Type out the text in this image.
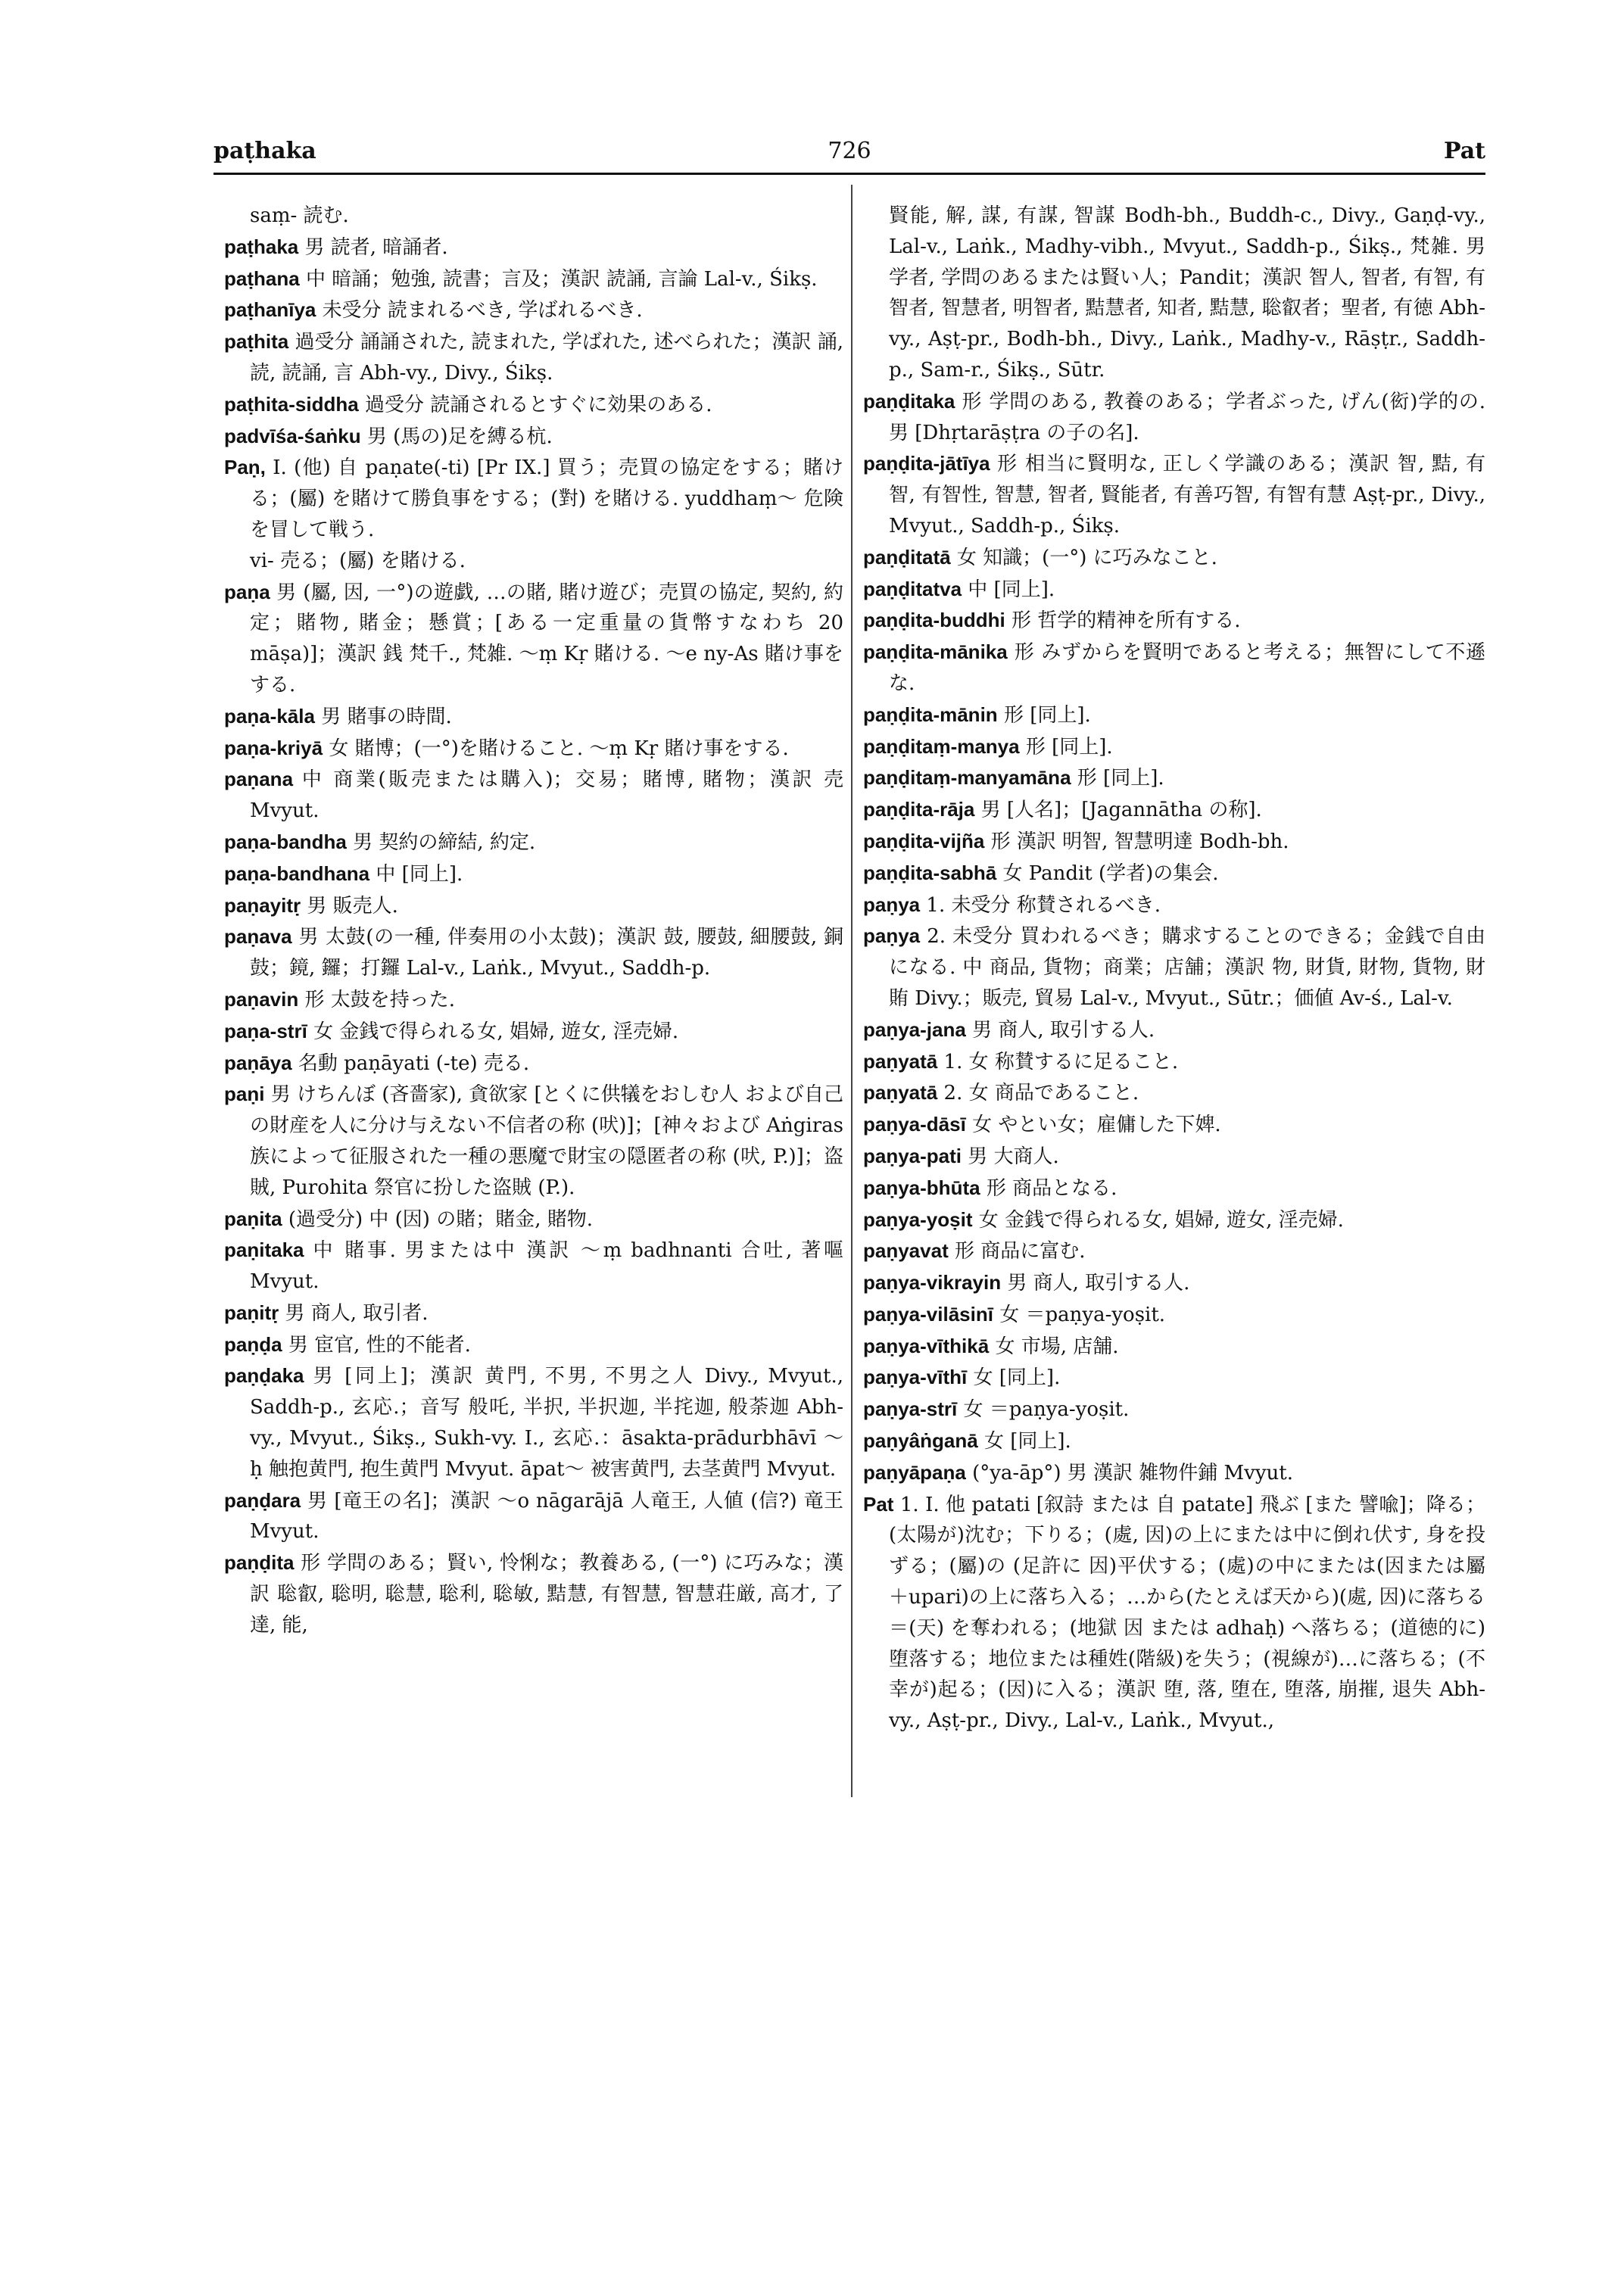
paṭhaka	726	Pat

saṃ- 読む.

paṭhaka 男 読者, 暗誦者.

paṭhana 中 暗誦；勉強, 読書；言及；漢訳 読誦, 言論 Lal-v., Śikṣ.

paṭhanīya 未受分 読まれるべき, 学ばれるべき.

paṭhita 過受分 誦誦された, 読まれた, 学ばれた, 述べられた；漢訳 誦, 読, 読誦, 言 Abh-vy., Divy., Śikṣ.

paṭhita-siddha 過受分 読誦されるとすぐに効果のある.

padvīśa-śaṅku 男 (馬の)足を縛る杭.

Paṇ, I. (他) 自 paṇate(-ti) [Pr IX.] 買う；売買の協定をする；賭ける；(屬) を賭けて勝負事をする；(對) を賭ける. yuddhaṃ～ 危険を冒して戦う.

vi- 売る；(屬) を賭ける.

paṇa 男 (屬, 因, 一°)の遊戯, …の賭, 賭け遊び；売買の協定, 契約, 約定；賭物, 賭金；懸賞；[ある一定重量の貨幣すなわち 20 māṣa)]；漢訳 銭 梵千., 梵雑. ～ṃ Kṛ 賭ける. ～e ny-As 賭け事をする.

paṇa-kāla 男 賭事の時間.

paṇa-kriyā 女 賭博；(一°)を賭けること. ～ṃ Kṛ 賭け事をする.

paṇana 中 商業(販売または購入)；交易；賭博, 賭物；漢訳 売 Mvyut.

paṇa-bandha 男 契約の締結, 約定.

paṇa-bandhana 中 [同上].

paṇayitṛ 男 販売人.

paṇava 男 太鼓(の一種, 伴奏用の小太鼓)；漢訳 鼓, 腰鼓, 細腰鼓, 銅鼓；鏡, 鑼；打鑼 Lal-v., Laṅk., Mvyut., Saddh-p.

paṇavin 形 太鼓を持った.

paṇa-strī 女 金銭で得られる女, 娼婦, 遊女, 淫売婦.

paṇāya 名動 paṇāyati (-te) 売る.

paṇi 男 けちんぼ (吝嗇家), 貪欲家 [とくに供犠をおしむ人 および自己の財産を人に分け与えない不信者の称 (吠)]；[神々および Aṅgiras 族によって征服された一種の悪魔で財宝の隠匿者の称 (吠, P.)]；盗賊, Purohita 祭官に扮した盗賊 (P.).

paṇita (過受分) 中 (因) の賭；賭金, 賭物.

paṇitaka 中 賭事. 男または中 漢訳 ～ṃ badhnanti 合吐, 著嘔 Mvyut.

paṇitṛ 男 商人, 取引者.

paṇḍa 男 宦官, 性的不能者.

paṇḍaka 男 [同上]；漢訳 黄門, 不男, 不男之人 Divy., Mvyut., Saddh-p., 玄応.；音写 般吒, 半択, 半択迦, 半挓迦, 般荼迦 Abh-vy., Mvyut., Śikṣ., Sukh-vy. I., 玄応.：āsakta-prādurbhāvī ～ḥ 触抱黄門, 抱生黄門 Mvyut. āpat～ 被害黄門, 去茎黄門 Mvyut.

paṇḍara 男 [竜王の名]；漢訳 ～o nāgarājā 人竜王, 人値 (信?) 竜王 Mvyut.

paṇḍita 形 学問のある；賢い, 怜悧な；教養ある, (一°) に巧みな；漢訳 聡叡, 聡明, 聡慧, 聡利, 聡敏, 黠慧, 有智慧, 智慧荘厳, 高才, 了達, 能,

賢能, 解, 謀, 有謀, 智謀 Bodh-bh., Buddh-c., Divy., Gaṇḍ-vy., Lal-v., Laṅk., Madhy-vibh., Mvyut., Saddh-p., Śikṣ., 梵雑. 男 学者, 学問のあるまたは賢い人；Pandit；漢訳 智人, 智者, 有智, 有智者, 智慧者, 明智者, 黠慧者, 知者, 黠慧, 聡叡者；聖者, 有徳 Abh-vy., Aṣṭ-pr., Bodh-bh., Divy., Laṅk., Madhy-v., Rāṣṭr., Saddh-p., Sam-r., Śikṣ., Sūtr.

paṇḍitaka 形 学問のある, 教養のある；学者ぶった, げん(衒)学的の. 男 [Dhṛtarāṣṭra の子の名].

paṇḍita-jātīya 形 相当に賢明な, 正しく学識のある；漢訳 智, 黠, 有智, 有智性, 智慧, 智者, 賢能者, 有善巧智, 有智有慧 Aṣṭ-pr., Divy., Mvyut., Saddh-p., Śikṣ.

paṇḍitatā 女 知識；(一°) に巧みなこと.

paṇḍitatva 中 [同上].

paṇḍita-buddhi 形 哲学的精神を所有する.

paṇḍita-mānika 形 みずからを賢明であると考える；無智にして不遜な.

paṇḍita-mānin 形 [同上].

paṇḍitaṃ-manya 形 [同上].

paṇḍitaṃ-manyamāna 形 [同上].

paṇḍita-rāja 男 [人名]；[Jagannātha の称].

paṇḍita-vijña 形 漢訳 明智, 智慧明達 Bodh-bh.

paṇḍita-sabhā 女 Pandit (学者)の集会.

paṇya 1. 未受分 称賛されるべき.

paṇya 2. 未受分 買われるべき；購求することのできる；金銭で自由になる. 中 商品, 貨物；商業；店舗；漢訳 物, 財貨, 財物, 貨物, 財賄 Divy.；販売, 貿易 Lal-v., Mvyut., Sūtr.；価値 Av-ś., Lal-v.

paṇya-jana 男 商人, 取引する人.

paṇyatā 1. 女 称賛するに足ること.

paṇyatā 2. 女 商品であること.

paṇya-dāsī 女 やとい女；雇傭した下婢.

paṇya-pati 男 大商人.

paṇya-bhūta 形 商品となる.

paṇya-yoṣit 女 金銭で得られる女, 娼婦, 遊女, 淫売婦.

paṇyavat 形 商品に富む.

paṇya-vikrayin 男 商人, 取引する人.

paṇya-vilāsinī 女 ＝paṇya-yoṣit.

paṇya-vīthikā 女 市場, 店舗.

paṇya-vīthī 女 [同上].

paṇya-strī 女 ＝paṇya-yoṣit.

paṇyâṅganā 女 [同上].

paṇyāpaṇa (°ya-āp°) 男 漢訳 雑物件鋪 Mvyut.

Pat 1. I. 他 patati [叙詩 または 自 patate] 飛ぶ [また 譬喩]；降る；(太陽が)沈む；下りる；(處, 因)の上にまたは中に倒れ伏す, 身を投ずる；(屬)の (足許に 因)平伏する；(處)の中にまたは(因または屬＋upari)の上に落ち入る；…から(たとえば天から)(處, 因)に落ちる＝(天) を奪われる；(地獄 因 または adhaḥ) へ落ちる；(道徳的に)堕落する；地位または種姓(階級)を失う；(視線が)…に落ちる；(不幸が)起る；(因)に入る；漢訳 堕, 落, 堕在, 堕落, 崩摧, 退失 Abh-vy., Aṣṭ-pr., Divy., Lal-v., Laṅk., Mvyut.,
